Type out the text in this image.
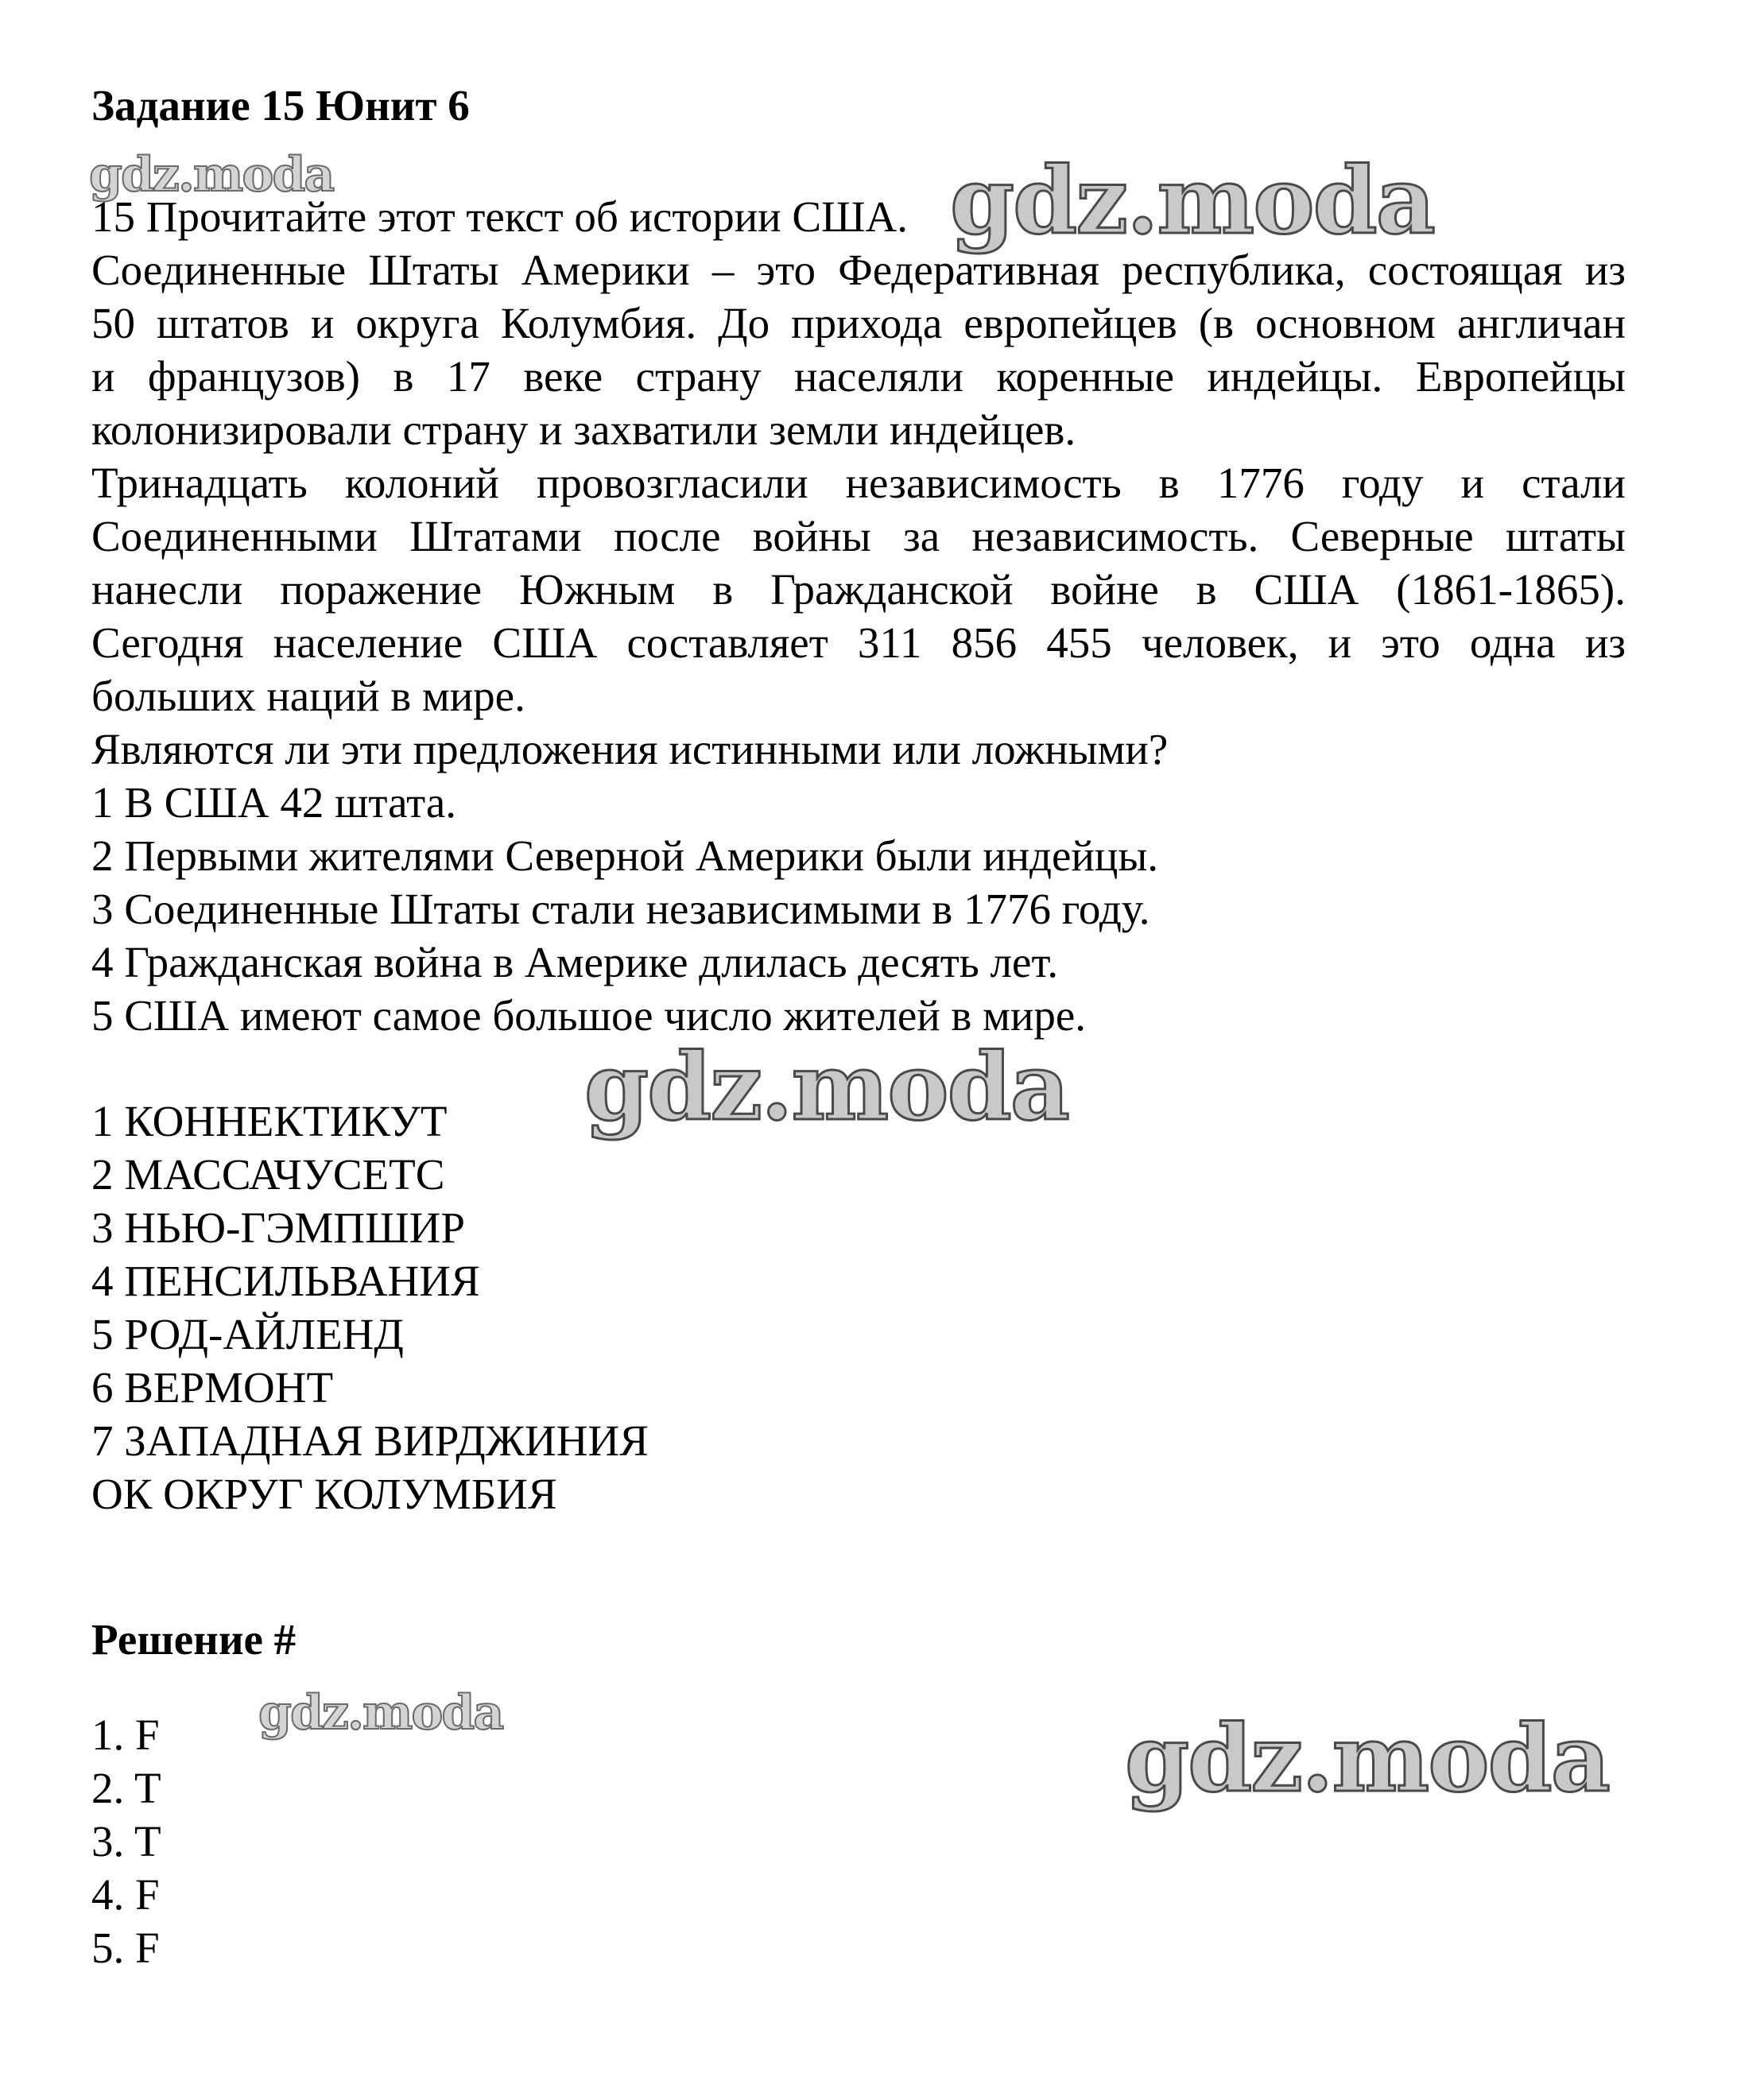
Задание 15 Юнит 6
gdz.moda
15 Прочитайте этот текст об истории США. gdz.moda
Соединенные Штаты Америки – это Федеративная республика, состоящая из
50 штатов и округа Колумбия. До прихода европейцев (в основном англичан
и французов) в 17 веке страну населяли коренные индейцы. Европейцы
колонизировали страну и захватили земли индейцев.
Тринадцать колоний провозгласили независимость в 1776 году и стали
Соединенными Штатами после войны за независимость. Северные штаты
нанесли поражение Южным в Гражданской войне в США (1861-1865).
Сегодня население США составляет 311 856 455 человек, и это одна из
больших наций в мире.
Являются ли эти предложения истинными или ложными?
1 В США 42 штата.
2 Первыми жителями Северной Америки были индейцы.
3 Соединенные Штаты стали независимыми в 1776 году.
4 Гражданская война в Америке длилась десять лет.
5 США имеют самое большое число жителей в мире.
gdz.moda
1 КОННЕКТИКУТ
2 МАССАЧУСЕТС
3 НЬЮ-ГЭМПШИР
4 ПЕНСИЛЬВАНИЯ
5 РОД-АЙЛЕНД
6 ВЕРМОНТ
7 ЗАПАДНАЯ ВИРДЖИНИЯ
ОК ОКРУГ КОЛУМБИЯ
Решение #
gdz.moda	gdz.moda
1. F
2. T
3. T
4. F
5. F
